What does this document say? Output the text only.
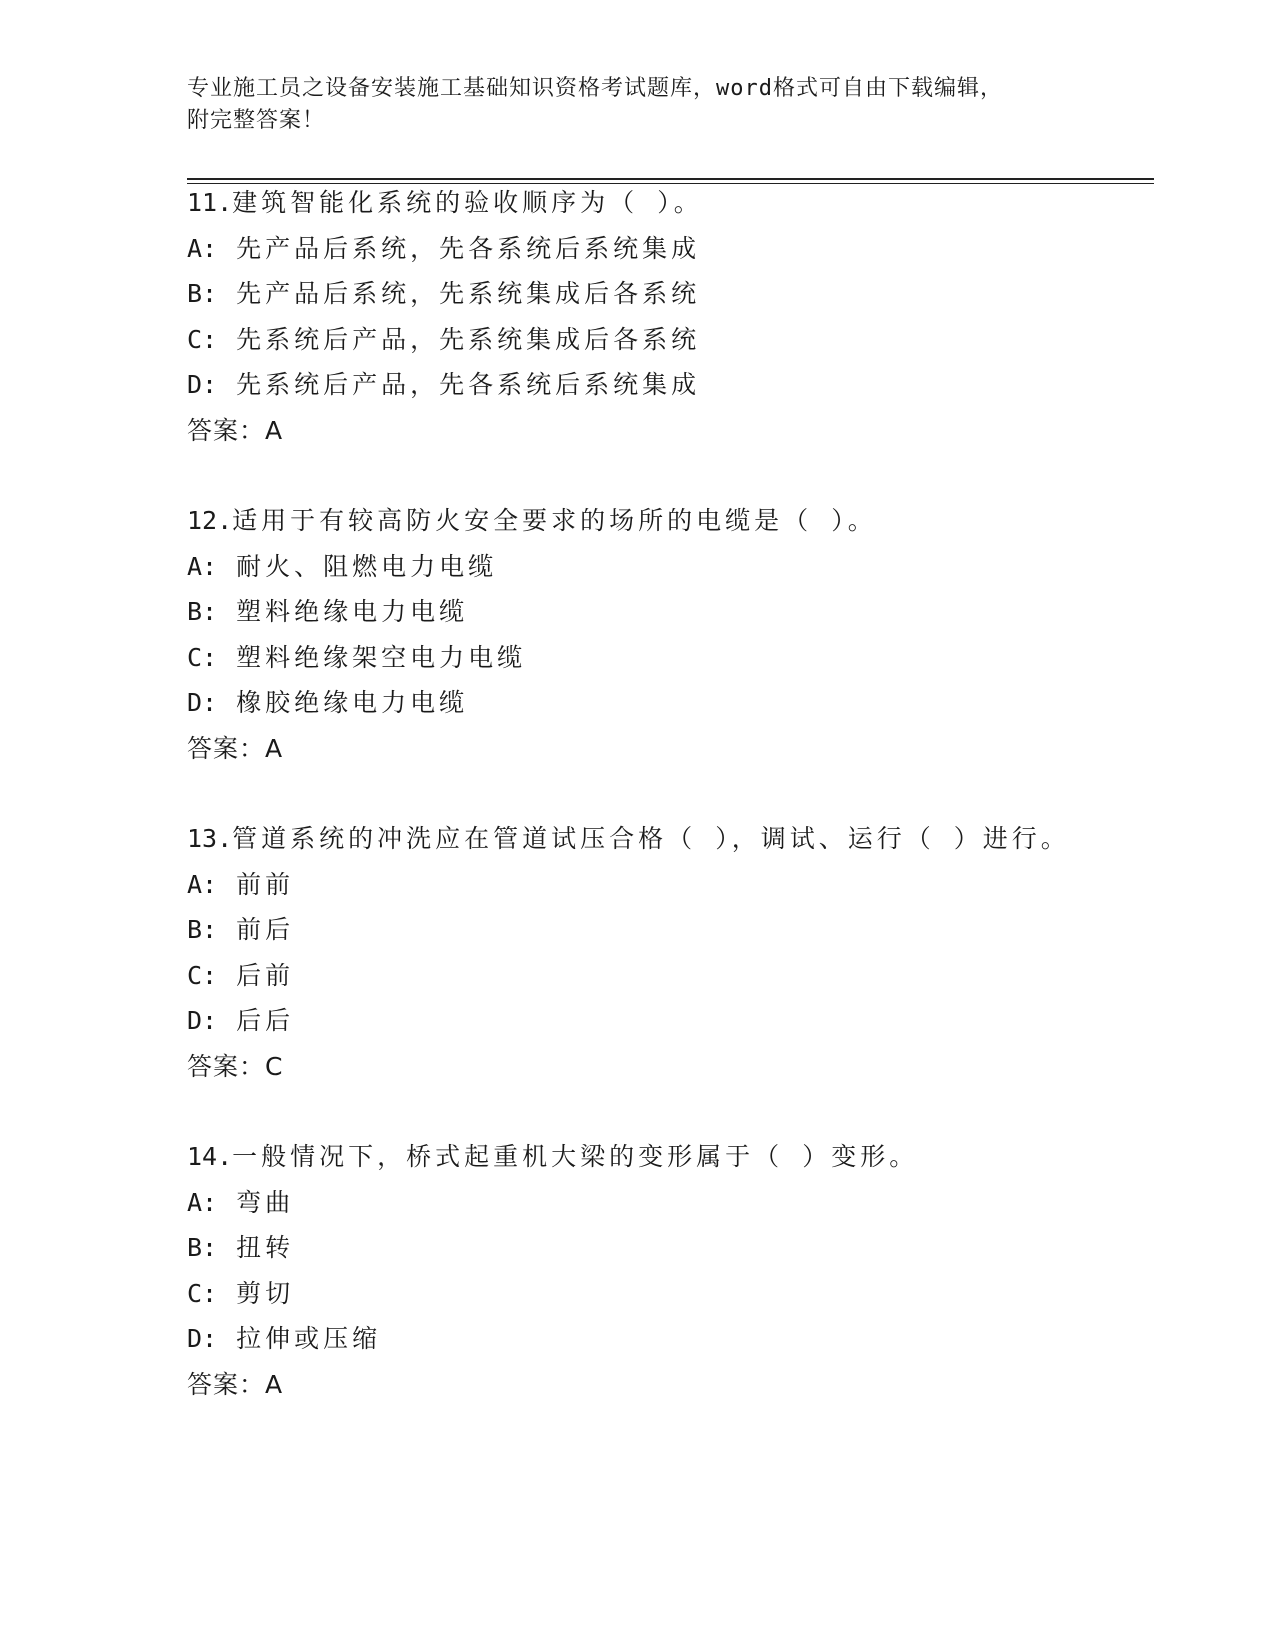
专业施工员之设备安装施工基础知识资格考试题库，word格式可自由下载编辑，
附完整答案！
11.建筑智能化系统的验收顺序为（ ）。
A: 先产品后系统，先各系统后系统集成
B: 先产品后系统，先系统集成后各系统
C: 先系统后产品，先系统集成后各系统
D: 先系统后产品，先各系统后系统集成
答案：A
12.适用于有较高防火安全要求的场所的电缆是（ ）。
A: 耐火、阻燃电力电缆
B: 塑料绝缘电力电缆
C: 塑料绝缘架空电力电缆
D: 橡胶绝缘电力电缆
答案：A
13.管道系统的冲洗应在管道试压合格（ ），调试、运行（ ）进行。
A: 前前
B: 前后
C: 后前
D: 后后
答案：C
14.一般情况下，桥式起重机大梁的变形属于（ ）变形。
A: 弯曲
B: 扭转
C: 剪切
D: 拉伸或压缩
答案：A
